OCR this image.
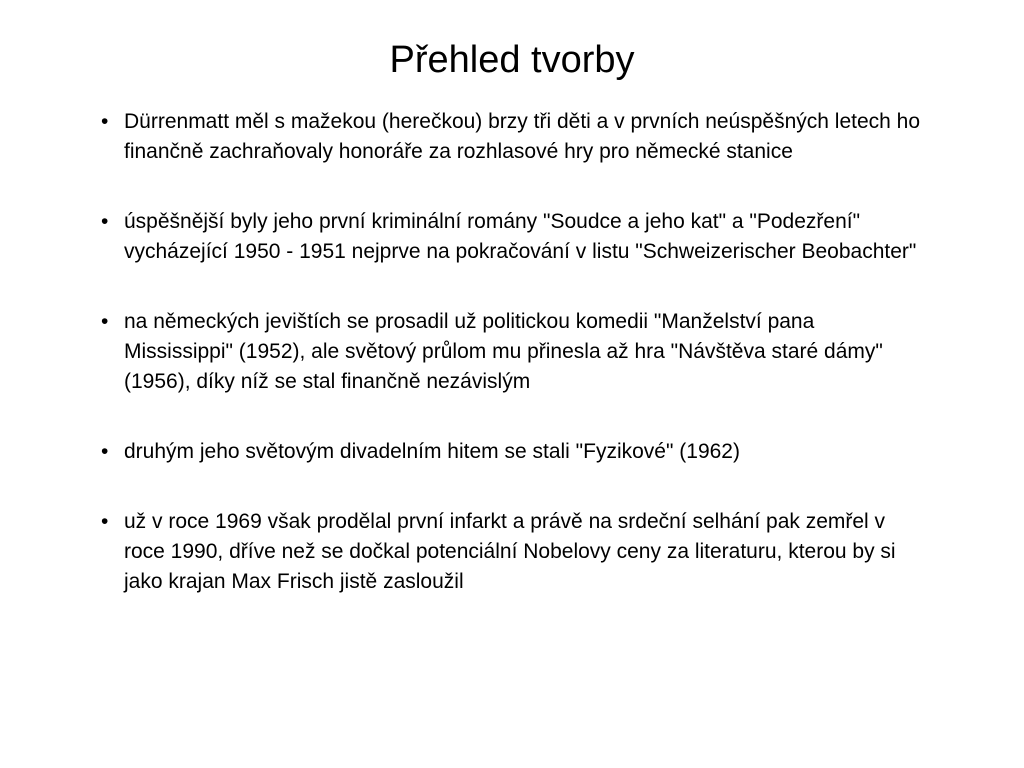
Přehled tvorby
• Dürrenmatt měl s mažekou (herečkou) brzy tři děti a v prvních neúspěšných letech ho finančně zachraňovaly honoráře za rozhlasové hry pro německé stanice
• úspěšnější byly jeho první kriminální romány "Soudce a jeho kat" a "Podezření" vycházející 1950 - 1951 nejprve na pokračování v listu "Schweizerischer Beobachter"
• na německých jevištích se prosadil už politickou komedii "Manželství pana Mississippi" (1952), ale světový průlom mu přinesla až hra "Návštěva staré dámy" (1956), díky níž se stal finančně nezávislým
• druhým jeho světovým divadelním hitem se stali "Fyzikové" (1962)
• už v roce 1969 však prodělal první infarkt a právě na srdeční selhání pak zemřel v roce 1990, dříve než se dočkal potenciální Nobelovy ceny za literaturu, kterou by si jako krajan Max Frisch jistě zasloužil
